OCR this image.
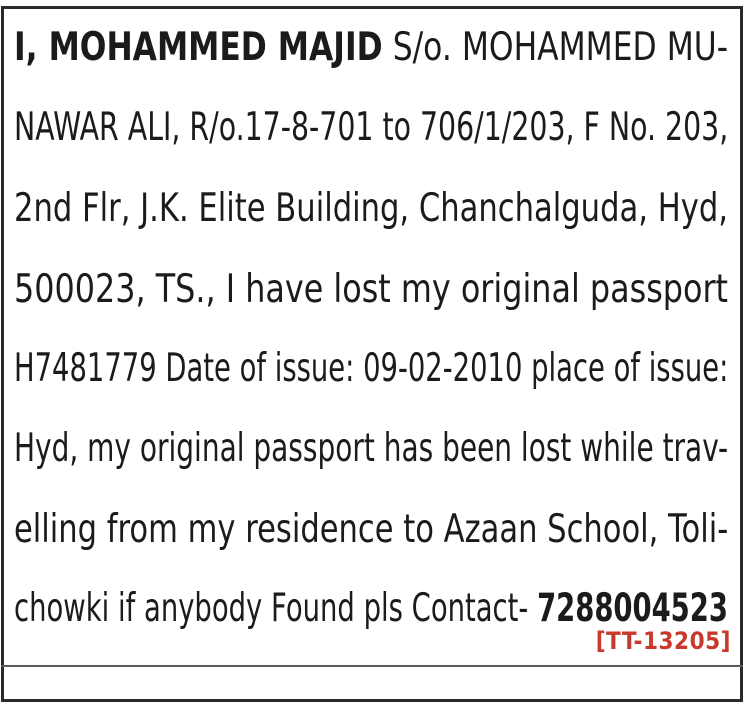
I, MOHAMMED MAJID S/o. MOHAMMED MU-
NAWAR ALI, R/o.17-8-701 to 706/1/203, F No. 203,
2nd Flr, J.K. Elite Building, Chanchalguda, Hyd,
500023, TS., I have lost my original passport
H7481779 Date of issue: 09-02-2010 place of issue:
Hyd, my original passport has been lost while trav-
elling from my residence to Azaan School, Toli-
chowki if anybody Found pls Contact- 7288004523
[TT-13205]
